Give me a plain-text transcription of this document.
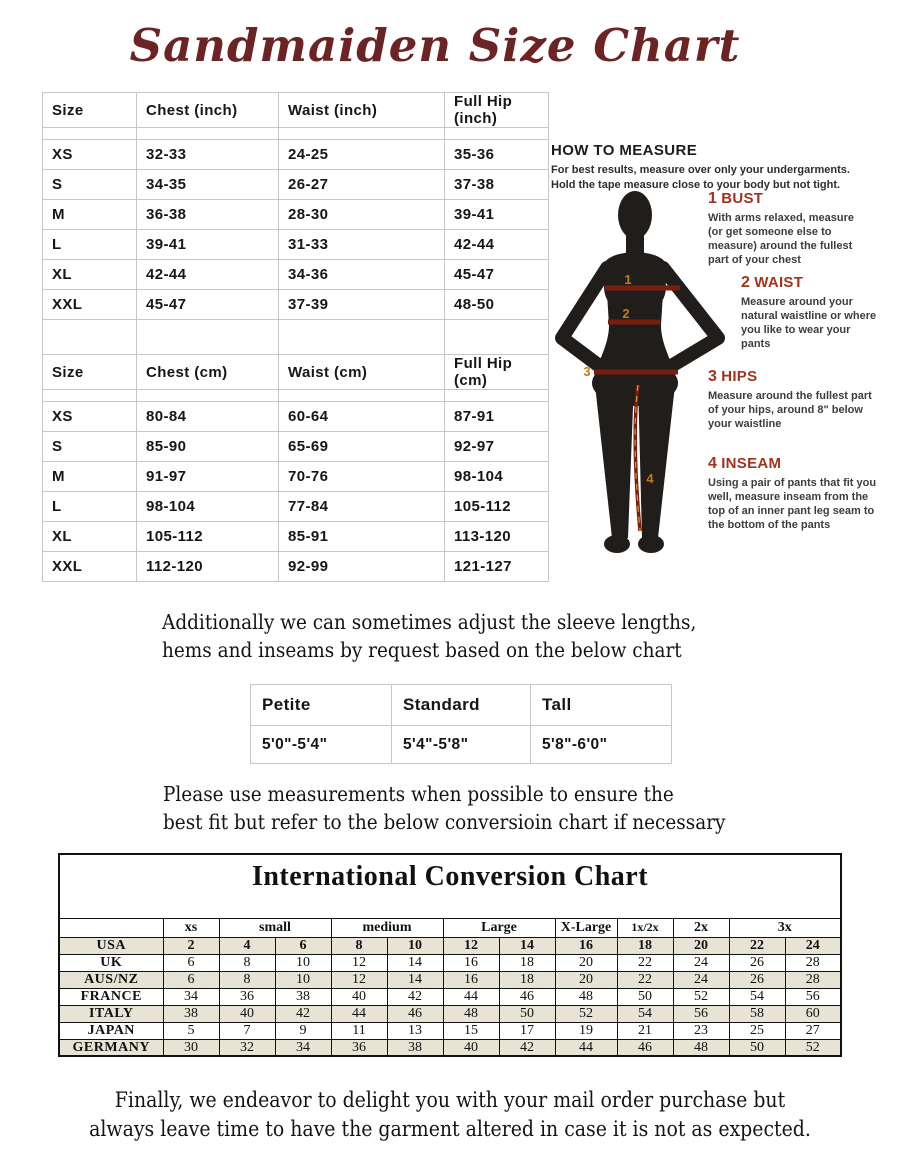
Sandmaiden Size Chart
Size	Chest (inch)	Waist (inch)	Full Hip (inch)

XS	32-33	24-25	35-36
S	34-35	26-27	37-38
M	36-38	28-30	39-41
L	39-41	31-33	42-44
XL	42-44	34-36	45-47
XXL	45-47	37-39	48-50

Size	Chest (cm)	Waist (cm)	Full Hip (cm)

XS	80-84	60-64	87-91
S	85-90	65-69	92-97
M	91-97	70-76	98-104
L	98-104	77-84	105-112
XL	105-112	85-91	113-120
XXL	112-120	92-99	121-127
HOW TO MEASURE
For best results, measure over only your undergarments.
Hold the tape measure close to your body but not tight.
1
2
3
4
1 BUST
With arms relaxed, measure (or get someone else to measure) around the fullest part of your chest
2 WAIST
Measure around your natural waistline or where you like to wear your pants
3 HIPS
Measure around the fullest part of your hips, around 8" below your waistline
4 INSEAM
Using a pair of pants that fit you well, measure inseam from the top of an inner pant leg seam to the bottom of the pants
Additionally we can sometimes adjust the sleeve lengths,
hems and inseams by request based on the below chart
Petite	Standard	Tall
5'0"-5'4"	5'4"-5'8"	5'8"-6'0"
Please use measurements when possible to ensure the
best fit but refer to the below conversioin chart if necessary
International Conversion Chart												
	xs	small		medium		Large		X-Large	1x/2x	2x	3x	
USA	2	4	6	8	10	12	14	16	18	20	22	24
UK	6	8	10	12	14	16	18	20	22	24	26	28
AUS/NZ	6	8	10	12	14	16	18	20	22	24	26	28
FRANCE	34	36	38	40	42	44	46	48	50	52	54	56
ITALY	38	40	42	44	46	48	50	52	54	56	58	60
JAPAN	5	7	9	11	13	15	17	19	21	23	25	27
GERMANY	30	32	34	36	38	40	42	44	46	48	50	52
Finally, we endeavor to delight you with your mail order purchase but
always leave time to have the garment altered in case it is not as expected.
